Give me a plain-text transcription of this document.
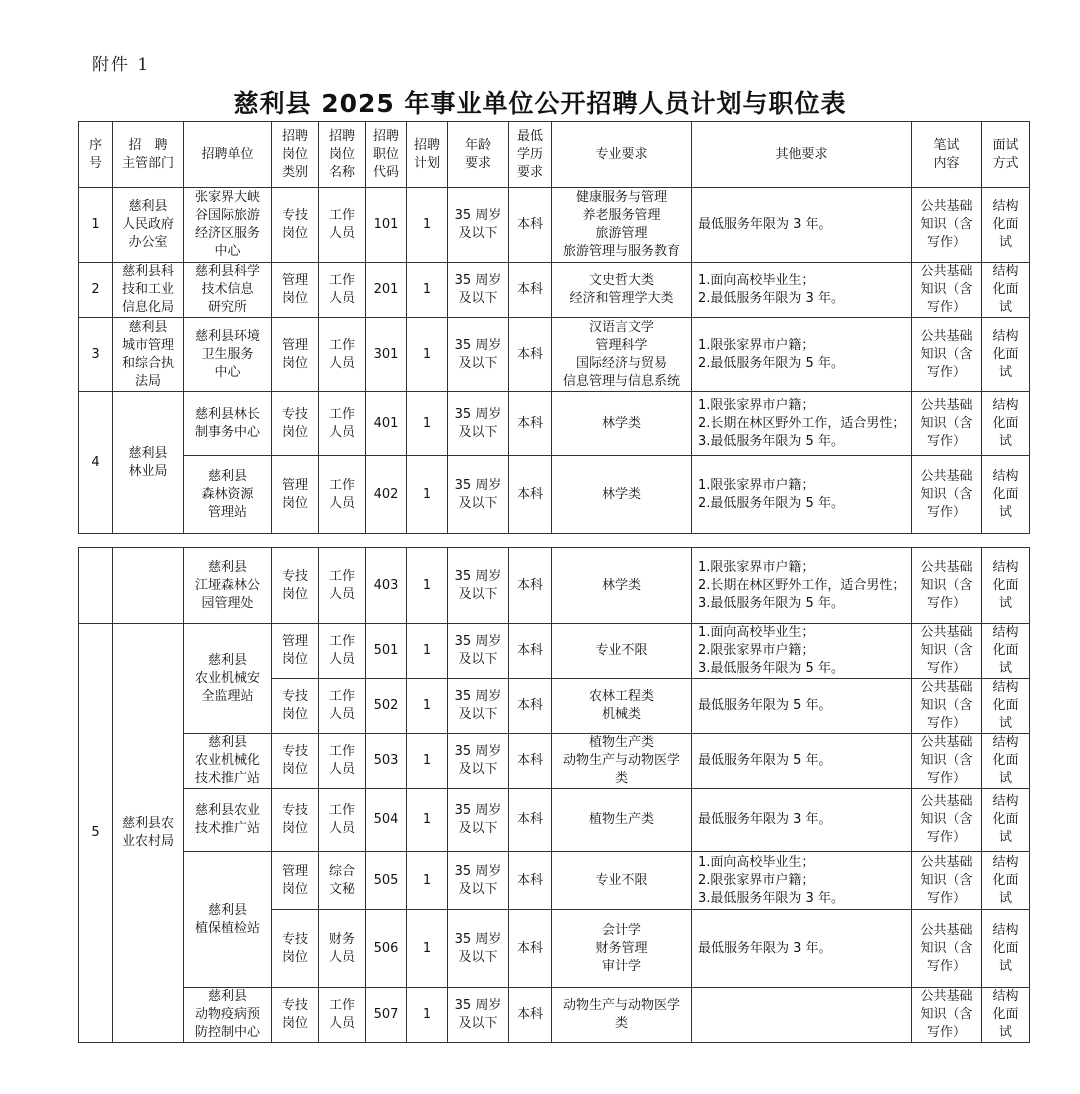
附件 1
慈利县 2025 年事业单位公开招聘人员计划与职位表
序
号	招　聘
主管部门	招聘单位	招聘
岗位
类别	招聘
岗位
名称	招聘
职位
代码	招聘
计划	年龄
要求	最低
学历
要求	专业要求	其他要求	笔试
内容	面试
方式
1	慈利县
人民政府
办公室	张家界大峡
谷国际旅游
经济区服务
中心	专技
岗位	工作
人员	101	1	35 周岁
及以下	本科	健康服务与管理
养老服务管理
旅游管理
旅游管理与服务教育	最低服务年限为 3 年。	公共基础
知识（含
写作）	结构
化面
试
2	慈利县科
技和工业
信息化局	慈利县科学
技术信息
研究所	管理
岗位	工作
人员	201	1	35 周岁
及以下	本科	文史哲大类
经济和管理学大类	1.面向高校毕业生；
2.最低服务年限为 3 年。	公共基础
知识（含
写作）	结构
化面
试
3	慈利县
城市管理
和综合执
法局	慈利县环境
卫生服务
中心	管理
岗位	工作
人员	301	1	35 周岁
及以下	本科	汉语言文学
管理科学
国际经济与贸易
信息管理与信息系统	1.限张家界市户籍；
2.最低服务年限为 5 年。	公共基础
知识（含
写作）	结构
化面
试
4	慈利县
林业局	慈利县林长
制事务中心	专技
岗位	工作
人员	401	1	35 周岁
及以下	本科	林学类	1.限张家界市户籍；
2.长期在林区野外工作，适合男性；
3.最低服务年限为 5 年。	公共基础
知识（含
写作）	结构
化面
试
		慈利县
森林资源
管理站	管理
岗位	工作
人员	402	1	35 周岁
及以下	本科	林学类	1.限张家界市户籍；
2.最低服务年限为 5 年。	公共基础
知识（含
写作）	结构
化面
试
		慈利县
江垭森林公
园管理处	专技
岗位	工作
人员	403	1	35 周岁
及以下	本科	林学类	1.限张家界市户籍；
2.长期在林区野外工作，适合男性；
3.最低服务年限为 5 年。	公共基础
知识（含
写作）	结构
化面
试
5	慈利县农
业农村局	慈利县
农业机械安
全监理站	管理
岗位	工作
人员	501	1	35 周岁
及以下	本科	专业不限	1.面向高校毕业生；
2.限张家界市户籍；
3.最低服务年限为 5 年。	公共基础
知识（含
写作）	结构
化面
试
			专技
岗位	工作
人员	502	1	35 周岁
及以下	本科	农林工程类
机械类	最低服务年限为 5 年。	公共基础
知识（含
写作）	结构
化面
试
		慈利县
农业机械化
技术推广站	专技
岗位	工作
人员	503	1	35 周岁
及以下	本科	植物生产类
动物生产与动物医学
类	最低服务年限为 5 年。	公共基础
知识（含
写作）	结构
化面
试
		慈利县农业
技术推广站	专技
岗位	工作
人员	504	1	35 周岁
及以下	本科	植物生产类	最低服务年限为 3 年。	公共基础
知识（含
写作）	结构
化面
试
		慈利县
植保植检站	管理
岗位	综合
文秘	505	1	35 周岁
及以下	本科	专业不限	1.面向高校毕业生；
2.限张家界市户籍；
3.最低服务年限为 3 年。	公共基础
知识（含
写作）	结构
化面
试
			专技
岗位	财务
人员	506	1	35 周岁
及以下	本科	会计学
财务管理
审计学	最低服务年限为 3 年。	公共基础
知识（含
写作）	结构
化面
试
		慈利县
动物疫病预
防控制中心	专技
岗位	工作
人员	507	1	35 周岁
及以下	本科	动物生产与动物医学
类		公共基础
知识（含
写作）	结构
化面
试
